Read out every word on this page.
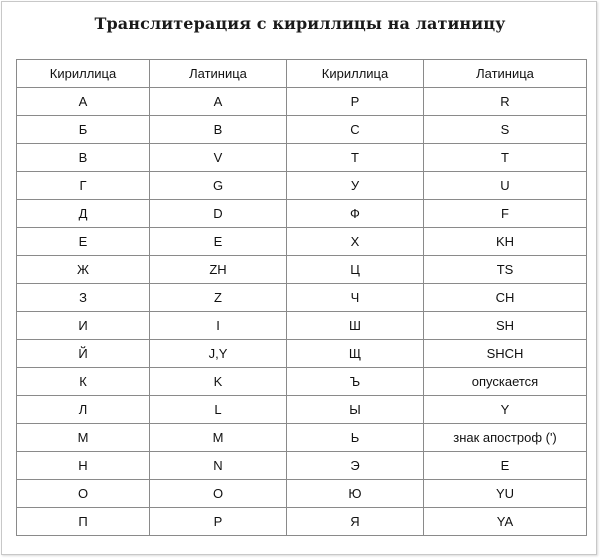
Транслитерация с кириллицы на латиницу
Кириллица	Латиница	Кириллица	Латиница
А	A	Р	R
Б	B	С	S
В	V	Т	T
Г	G	У	U
Д	D	Ф	F
Е	E	Х	KH
Ж	ZH	Ц	TS
З	Z	Ч	CH
И	I	Ш	SH
Й	J,Y	Щ	SHCH
К	K	Ъ	опускается
Л	L	Ы	Y
М	M	Ь	знак апостроф (')
Н	N	Э	E
О	O	Ю	YU
П	P	Я	YA
